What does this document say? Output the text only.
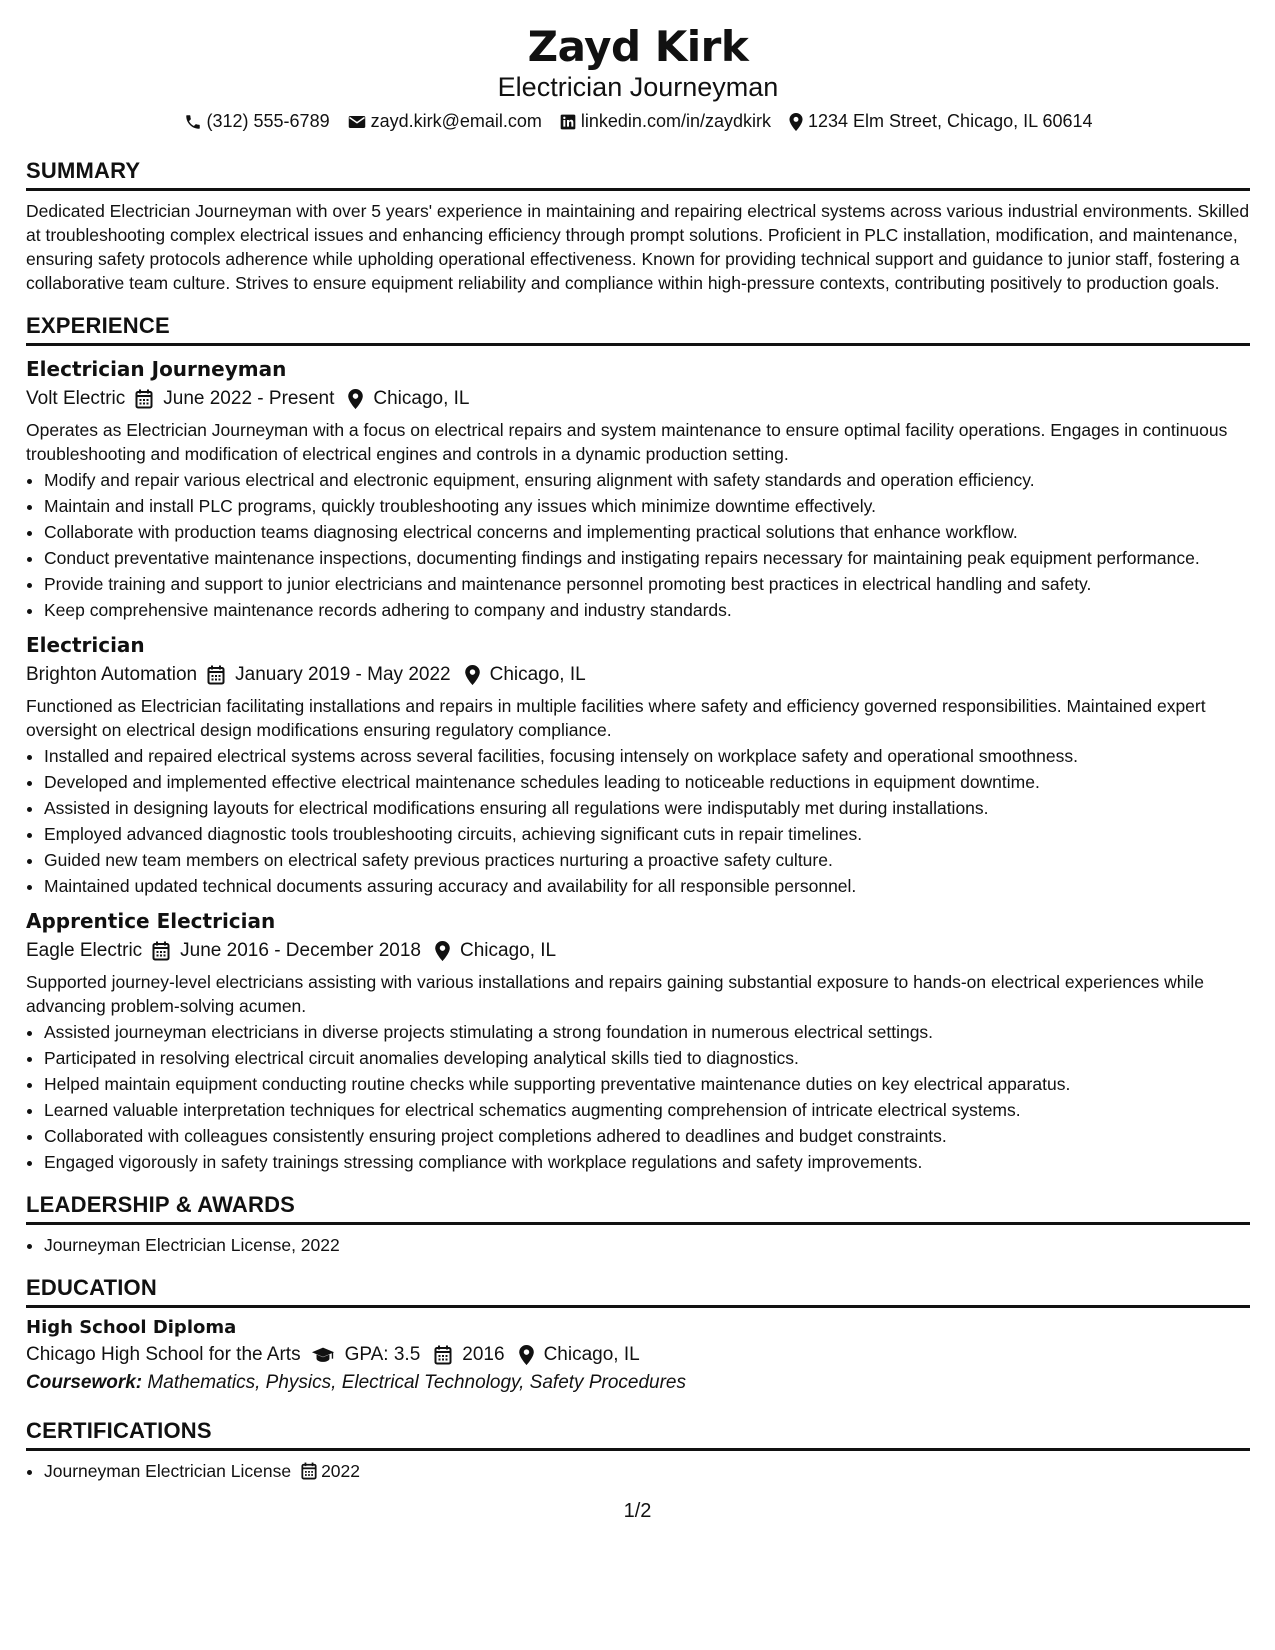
Zayd Kirk
Electrician Journeyman
(312) 555-6789 zayd.kirk@email.com linkedin.com/in/zaydkirk 1234 Elm Street, Chicago, IL 60614
SUMMARY
Dedicated Electrician Journeyman with over 5 years' experience in maintaining and repairing electrical systems across various industrial environments. Skilled at troubleshooting complex electrical issues and enhancing efficiency through prompt solutions. Proficient in PLC installation, modification, and maintenance, ensuring safety protocols adherence while upholding operational effectiveness. Known for providing technical support and guidance to junior staff, fostering a collaborative team culture. Strives to ensure equipment reliability and compliance within high-pressure contexts, contributing positively to production goals.
EXPERIENCE
Electrician Journeyman
Volt Electric June 2022 - Present Chicago, IL
Operates as Electrician Journeyman with a focus on electrical repairs and system maintenance to ensure optimal facility operations. Engages in continuous troubleshooting and modification of electrical engines and controls in a dynamic production setting.
• Modify and repair various electrical and electronic equipment, ensuring alignment with safety standards and operation efficiency.
• Maintain and install PLC programs, quickly troubleshooting any issues which minimize downtime effectively.
• Collaborate with production teams diagnosing electrical concerns and implementing practical solutions that enhance workflow.
• Conduct preventative maintenance inspections, documenting findings and instigating repairs necessary for maintaining peak equipment performance.
• Provide training and support to junior electricians and maintenance personnel promoting best practices in electrical handling and safety.
• Keep comprehensive maintenance records adhering to company and industry standards.
Electrician
Brighton Automation January 2019 - May 2022 Chicago, IL
Functioned as Electrician facilitating installations and repairs in multiple facilities where safety and efficiency governed responsibilities. Maintained expert oversight on electrical design modifications ensuring regulatory compliance.
• Installed and repaired electrical systems across several facilities, focusing intensely on workplace safety and operational smoothness.
• Developed and implemented effective electrical maintenance schedules leading to noticeable reductions in equipment downtime.
• Assisted in designing layouts for electrical modifications ensuring all regulations were indisputably met during installations.
• Employed advanced diagnostic tools troubleshooting circuits, achieving significant cuts in repair timelines.
• Guided new team members on electrical safety previous practices nurturing a proactive safety culture.
• Maintained updated technical documents assuring accuracy and availability for all responsible personnel.
Apprentice Electrician
Eagle Electric June 2016 - December 2018 Chicago, IL
Supported journey-level electricians assisting with various installations and repairs gaining substantial exposure to hands-on electrical experiences while advancing problem-solving acumen.
• Assisted journeyman electricians in diverse projects stimulating a strong foundation in numerous electrical settings.
• Participated in resolving electrical circuit anomalies developing analytical skills tied to diagnostics.
• Helped maintain equipment conducting routine checks while supporting preventative maintenance duties on key electrical apparatus.
• Learned valuable interpretation techniques for electrical schematics augmenting comprehension of intricate electrical systems.
• Collaborated with colleagues consistently ensuring project completions adhered to deadlines and budget constraints.
• Engaged vigorously in safety trainings stressing compliance with workplace regulations and safety improvements.
LEADERSHIP & AWARDS
• Journeyman Electrician License, 2022
EDUCATION
High School Diploma
Chicago High School for the Arts GPA: 3.5 2016 Chicago, IL
Coursework: Mathematics, Physics, Electrical Technology, Safety Procedures
CERTIFICATIONS
• Journeyman Electrician License 2022
1/2
